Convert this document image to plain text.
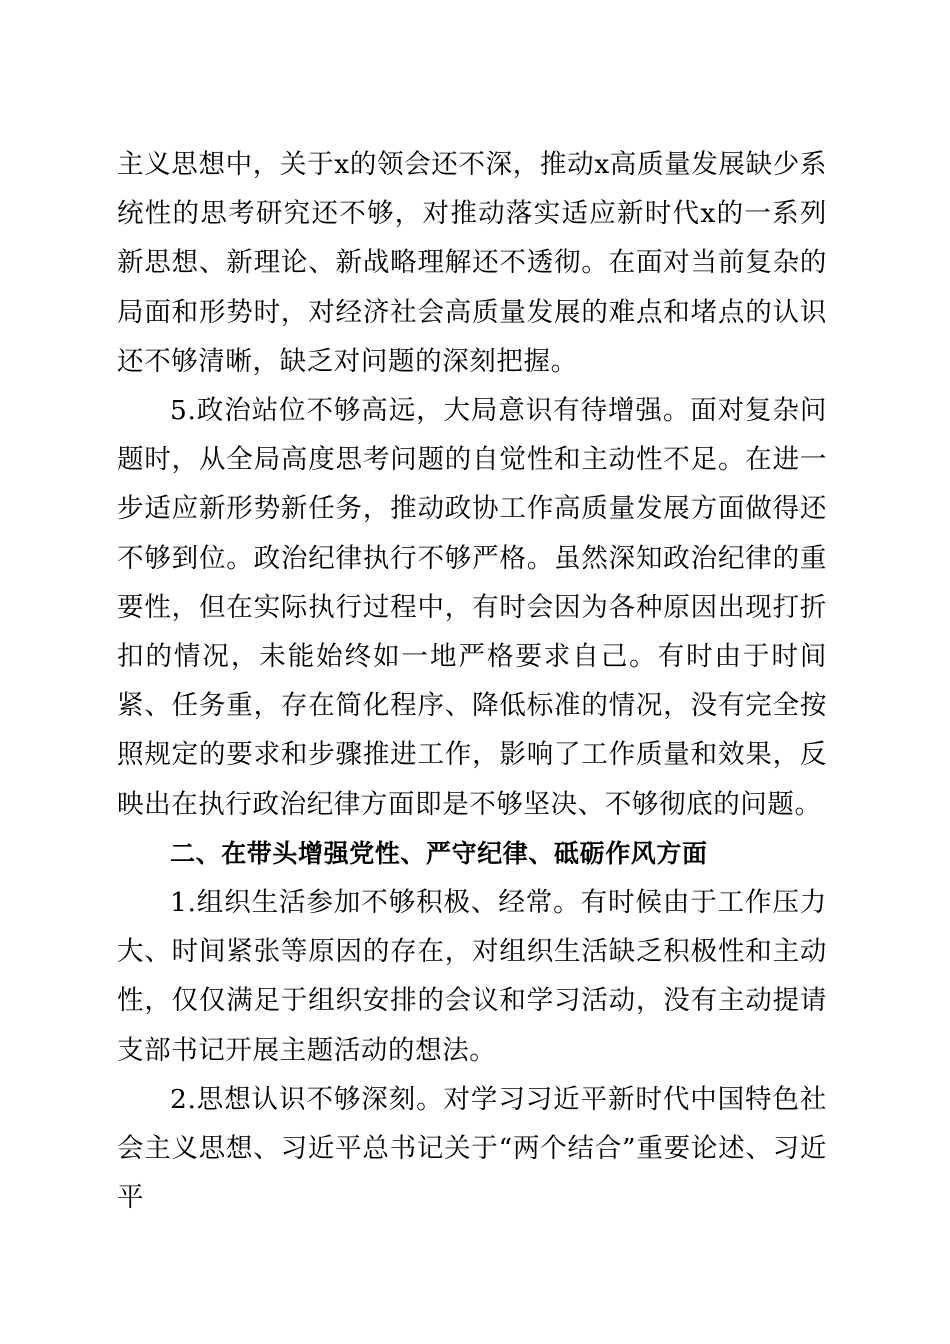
主义思想中，关于x的领会还不深，推动x高质量发展缺少系统性的思考研究还不够，对推动落实适应新时代x的一系列新思想、新理论、新战略理解还不透彻。在面对当前复杂的局面和形势时，对经济社会高质量发展的难点和堵点的认识还不够清晰，缺乏对问题的深刻把握。

5.政治站位不够高远，大局意识有待增强。面对复杂问题时，从全局高度思考问题的自觉性和主动性不足。在进一步适应新形势新任务，推动政协工作高质量发展方面做得还不够到位。政治纪律执行不够严格。虽然深知政治纪律的重要性，但在实际执行过程中，有时会因为各种原因出现打折扣的情况，未能始终如一地严格要求自己。有时由于时间紧、任务重，存在简化程序、降低标准的情况，没有完全按照规定的要求和步骤推进工作，影响了工作质量和效果，反映出在执行政治纪律方面即是不够坚决、不够彻底的问题。

二、在带头增强党性、严守纪律、砥砺作风方面

1.组织生活参加不够积极、经常。有时候由于工作压力大、时间紧张等原因的存在，对组织生活缺乏积极性和主动性，仅仅满足于组织安排的会议和学习活动，没有主动提请支部书记开展主题活动的想法。

2.思想认识不够深刻。对学习习近平新时代中国特色社会主义思想、习近平总书记关于“两个结合”重要论述、习近平
